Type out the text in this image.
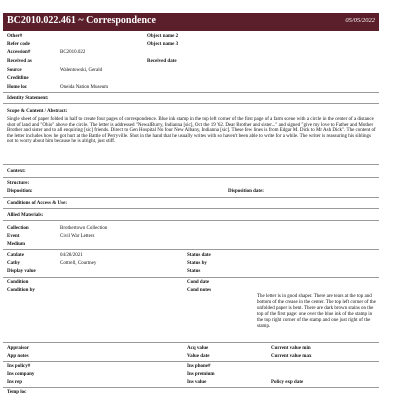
BC2010.022.461 ~ Correspondence	05/05/2022
Other#	Object name 2
Refer code	Object name 3
Accession#	BC2010.022
Received as	Received date
Source	Walentowski, Gerald
Creditline
Home loc	Oneida Nation Museum
Identity Statement:
Scope & Content / Abstract:
Single sheet of paper folded in half to create four pages of correspondence. Blue ink stamp in the top left corner of the first page of a farm scene with a circle in the center of a distance shot of land and "Ohio" above the circle. The letter is addressed "NewalBurry, Indianna [sic], Oct the 19 '62. Dear Brother and sister..." and signed "give my love to Father and Mother Brother and sister and to all enquiring [sic] friends. Direct to Gen Hospital No four New Albany, Indianna [sic]. These few lines is from Edgar M. Dick to Mr Ash Dick". The content of the letter includes how he got hurt at the Battle of Perryville. Shot in the hand that he usually writes with so haven't been able to write for a while. The writer is reassuring his siblings not to worry about him because he is alright, just stiff.
Context:
Structure:
Disposition:	Disposition date:
Conditions of Access & Use:
Allied Materials:
Collection	Brothertown Collection
Event	Civil War Letters
Medium
Catdate	04/28/2021	Status date
Catby	Cottrell, Courtney	Status by
Display value	Status
Condition	Cond date
Condition by	Cond notes
The letter is in good shaper. There are tears at the top and bottom of the crease in the center. The top left corner of the unfolded paper is bent. There are dark brown stains on the top of the first page: one over the blue ink of the stamp in the top right corner of the stamp and one just right of the stamp.
Appraisor	Acq value	Current value min
App notes	Value date	Current value max
Ins policy#	Ins phone#
Ins company	Ins premium
Ins rep	Ins value	Policy exp date
Temp loc
